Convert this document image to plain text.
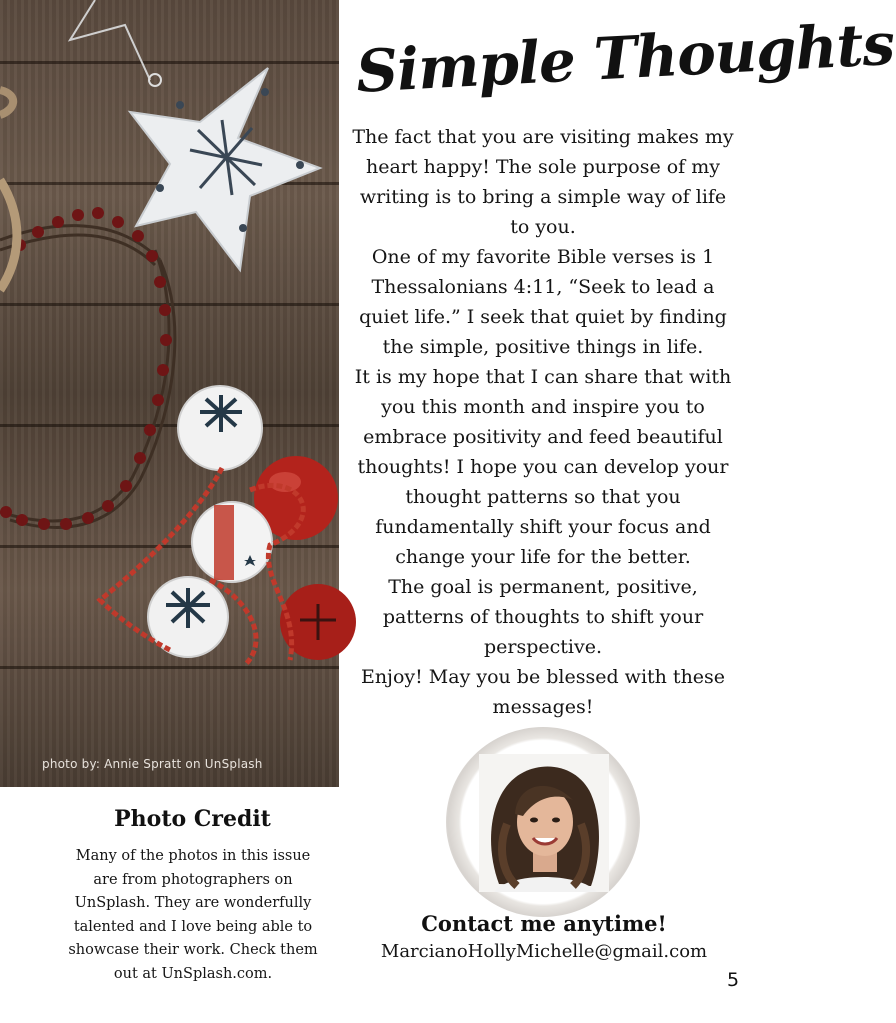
photo by: Annie Spratt on UnSplash
Simple Thoughts

The fact that you are visiting makes my heart happy! The sole purpose of my writing is to bring a simple way of life to you.

One of my favorite Bible verses is 1 Thessalonians 4:11, “Seek to lead a quiet life.” I seek that quiet by finding the simple, positive things in life.

It is my hope that I can share that with you this month and inspire you to embrace positivity and feed beautiful thoughts! I hope you can develop your thought patterns so that you fundamentally shift your focus and change your life for the better.

The goal is permanent, positive, patterns of thoughts to shift your perspective.

Enjoy! May you be blessed with these messages!

Photo Credit
Many of the photos in this issue are from photographers on UnSplash. They are wonderfully talented and I love being able to showcase their work. Check them out at UnSplash.com.
Contact me anytime!
MarcianoHollyMichelle@gmail.com
5
